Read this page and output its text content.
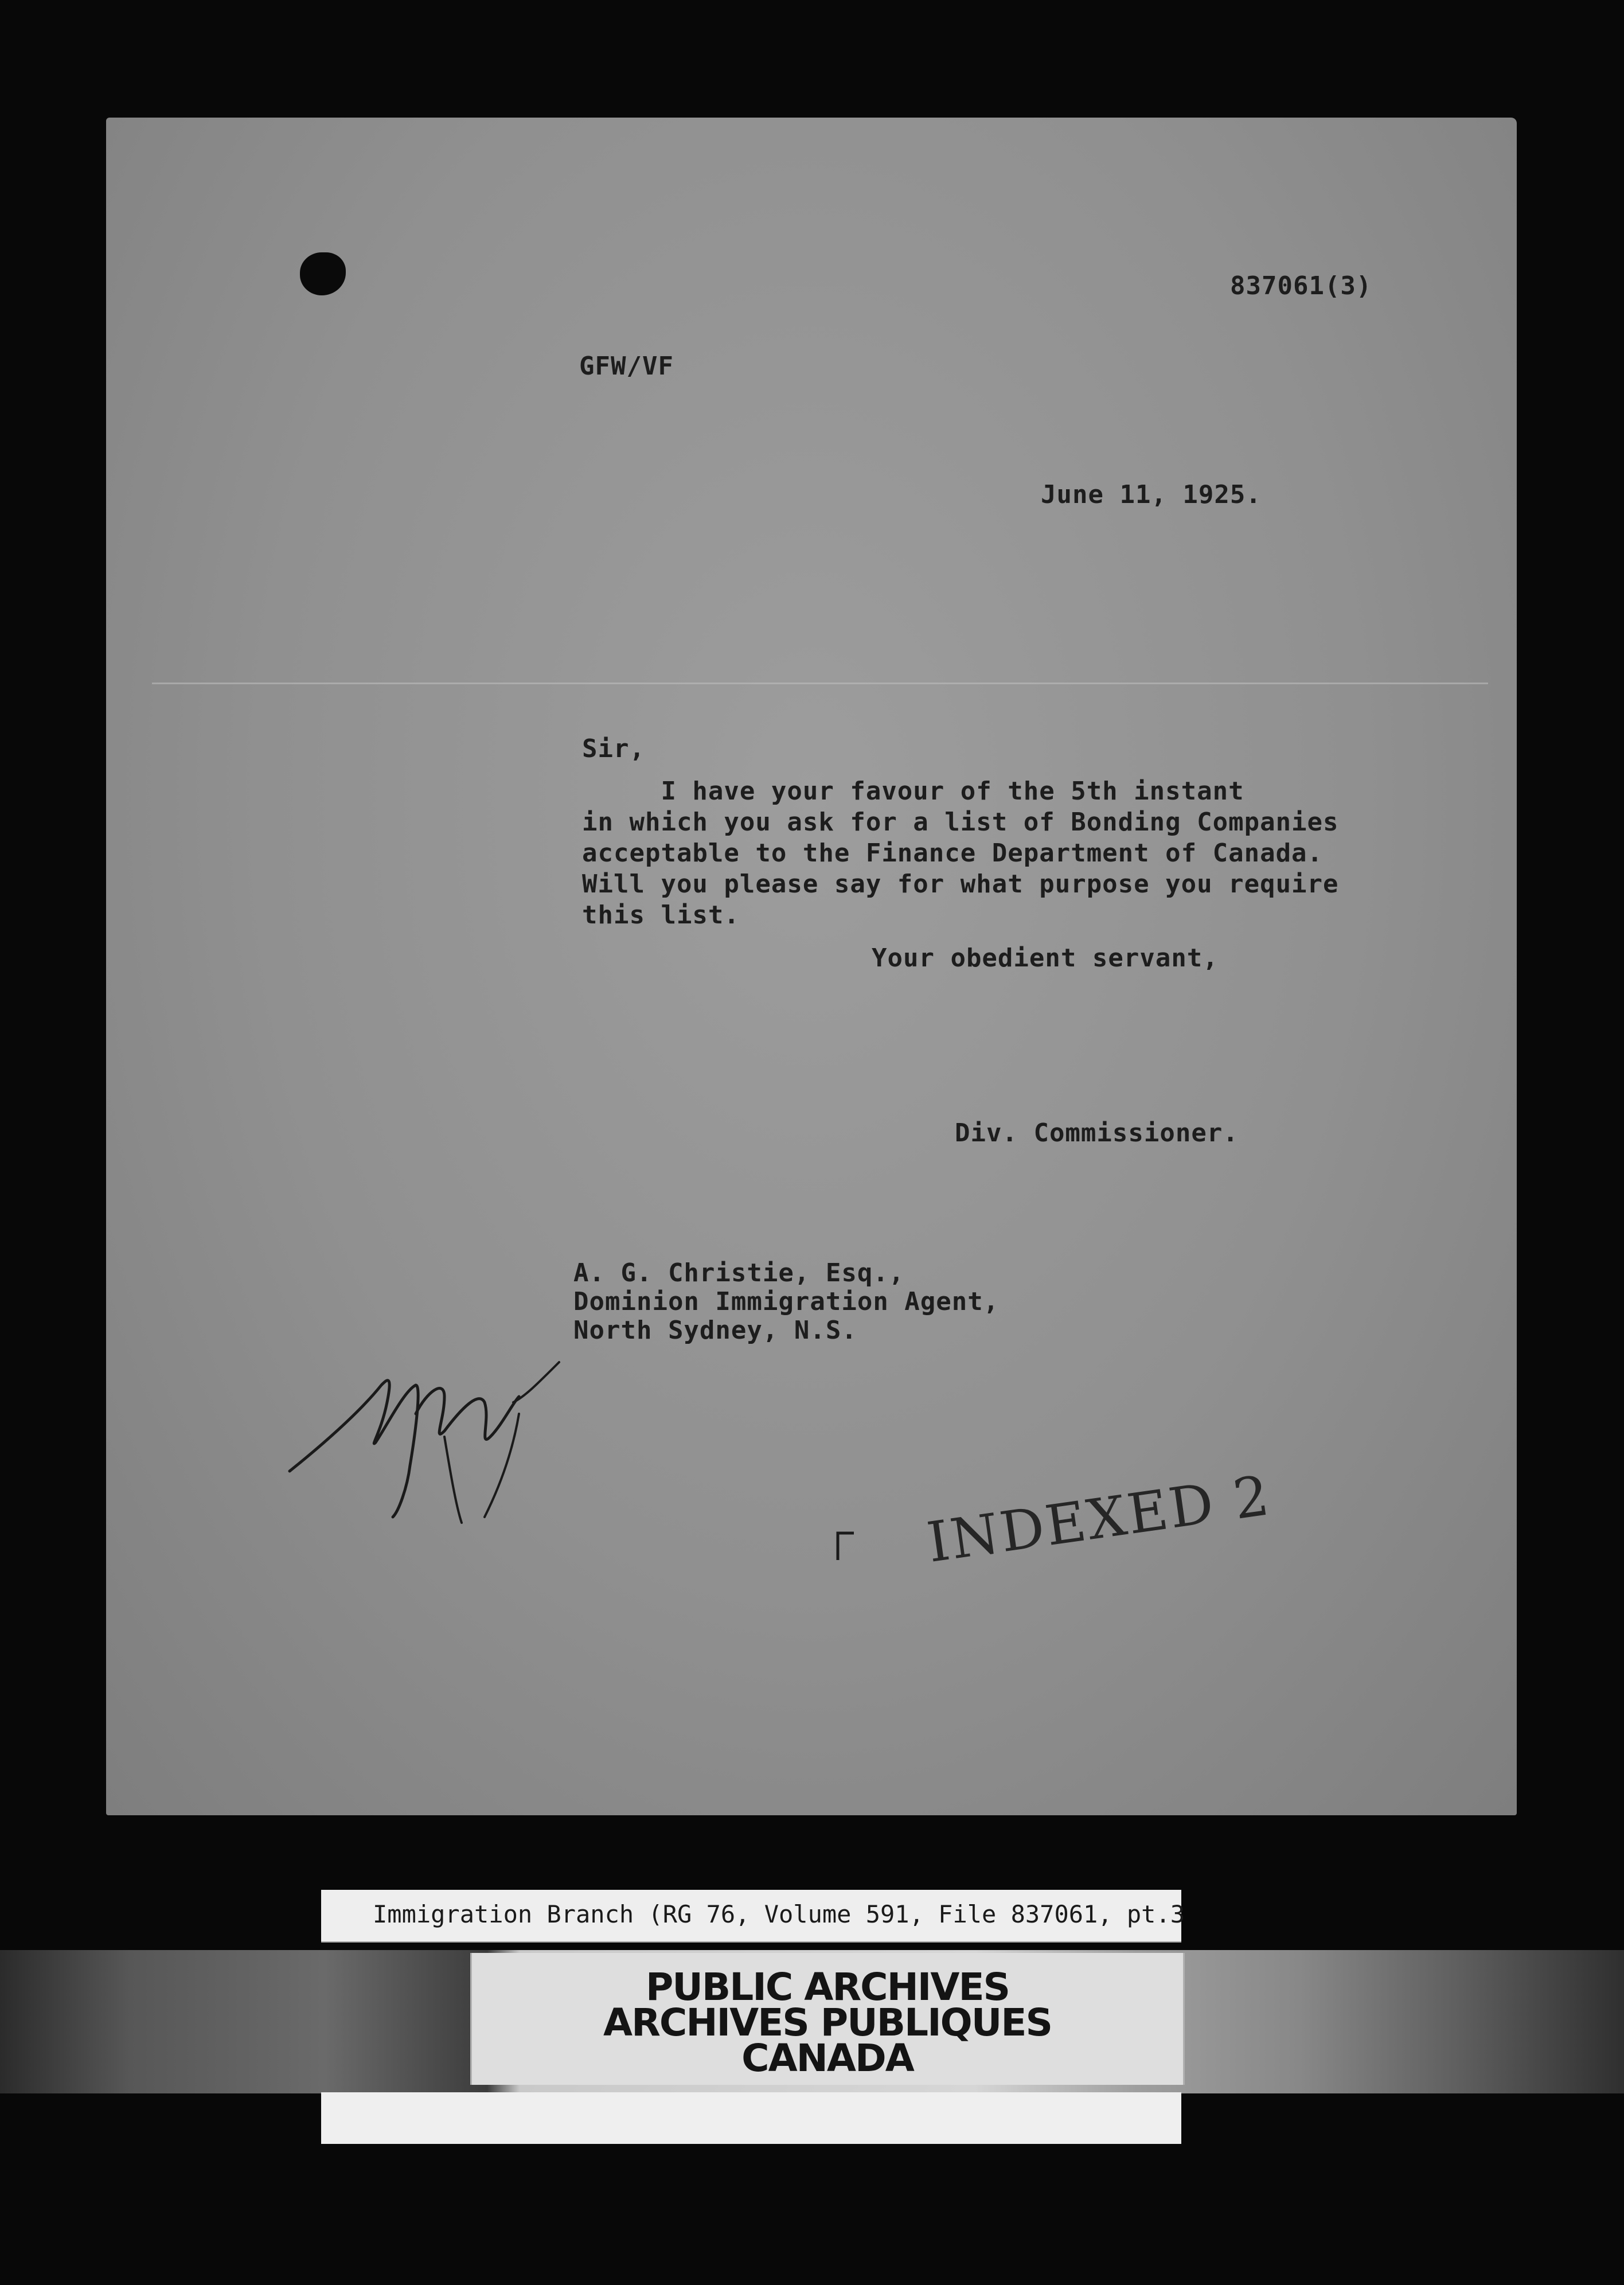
837061(3)
GFW/VF
June 11, 1925.
Sir,
I have your favour of the 5th instant
in which you ask for a list of Bonding Companies
acceptable to the Finance Department of Canada.
Will you please say for what purpose you require
this list.
Your obedient servant,
Div. Commissioner.
A. G. Christie, Esq.,
Dominion Immigration Agent,
North Sydney, N.S.
INDEXED 2
Immigration Branch (RG 76, Volume 591, File 837061, pt.3

PUBLIC ARCHIVES

ARCHIVES PUBLIQUES

CANADA
